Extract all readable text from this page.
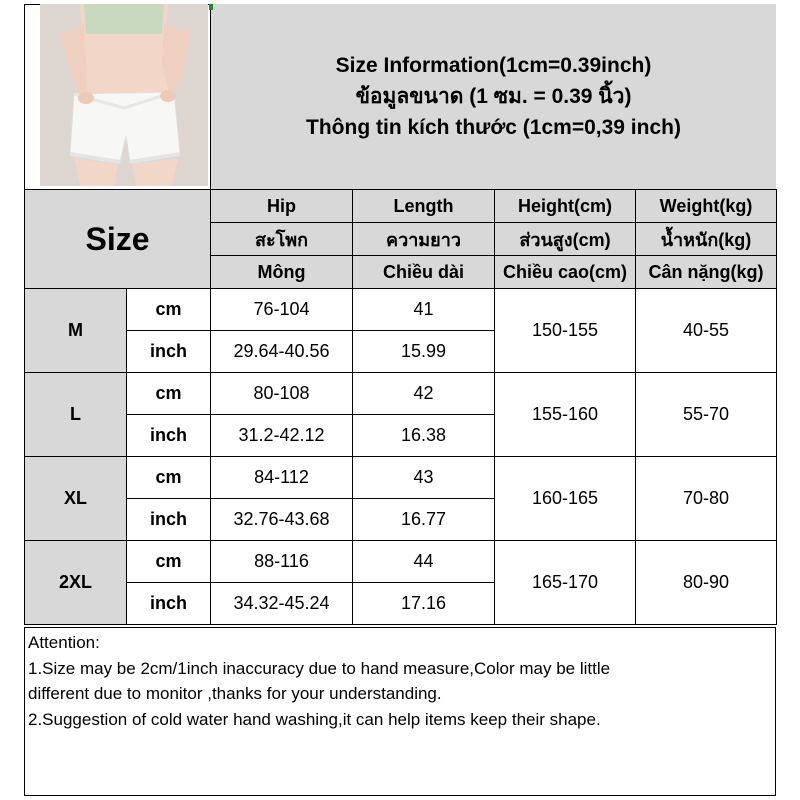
Size Information(1cm=0.39inch)
ข้อมูลขนาด (1 ซม. = 0.39 นิ้ว)
Thông tin kích thước (1cm=0,39 inch)
Size		Hip	Length	Height(cm)	Weight(kg)
		สะโพก	ความยาว	ส่วนสูง(cm)	น้ำหนัก(kg)
		Mông	Chiều dài	Chiều cao(cm)	Cân nặng(kg)
M	cm	76-104	41	150-155	40-55
	inch	29.64-40.56	15.99		
L	cm	80-108	42	155-160	55-70
	inch	31.2-42.12	16.38		
XL	cm	84-112	43	160-165	70-80
	inch	32.76-43.68	16.77		
2XL	cm	88-116	44	165-170	80-90
	inch	34.32-45.24	17.16		
Attention:
1.Size may be 2cm/1inch inaccuracy due to hand measure,Color may be little
different due to monitor ,thanks for your understanding.
2.Suggestion of cold water hand washing,it can help items keep their shape.
